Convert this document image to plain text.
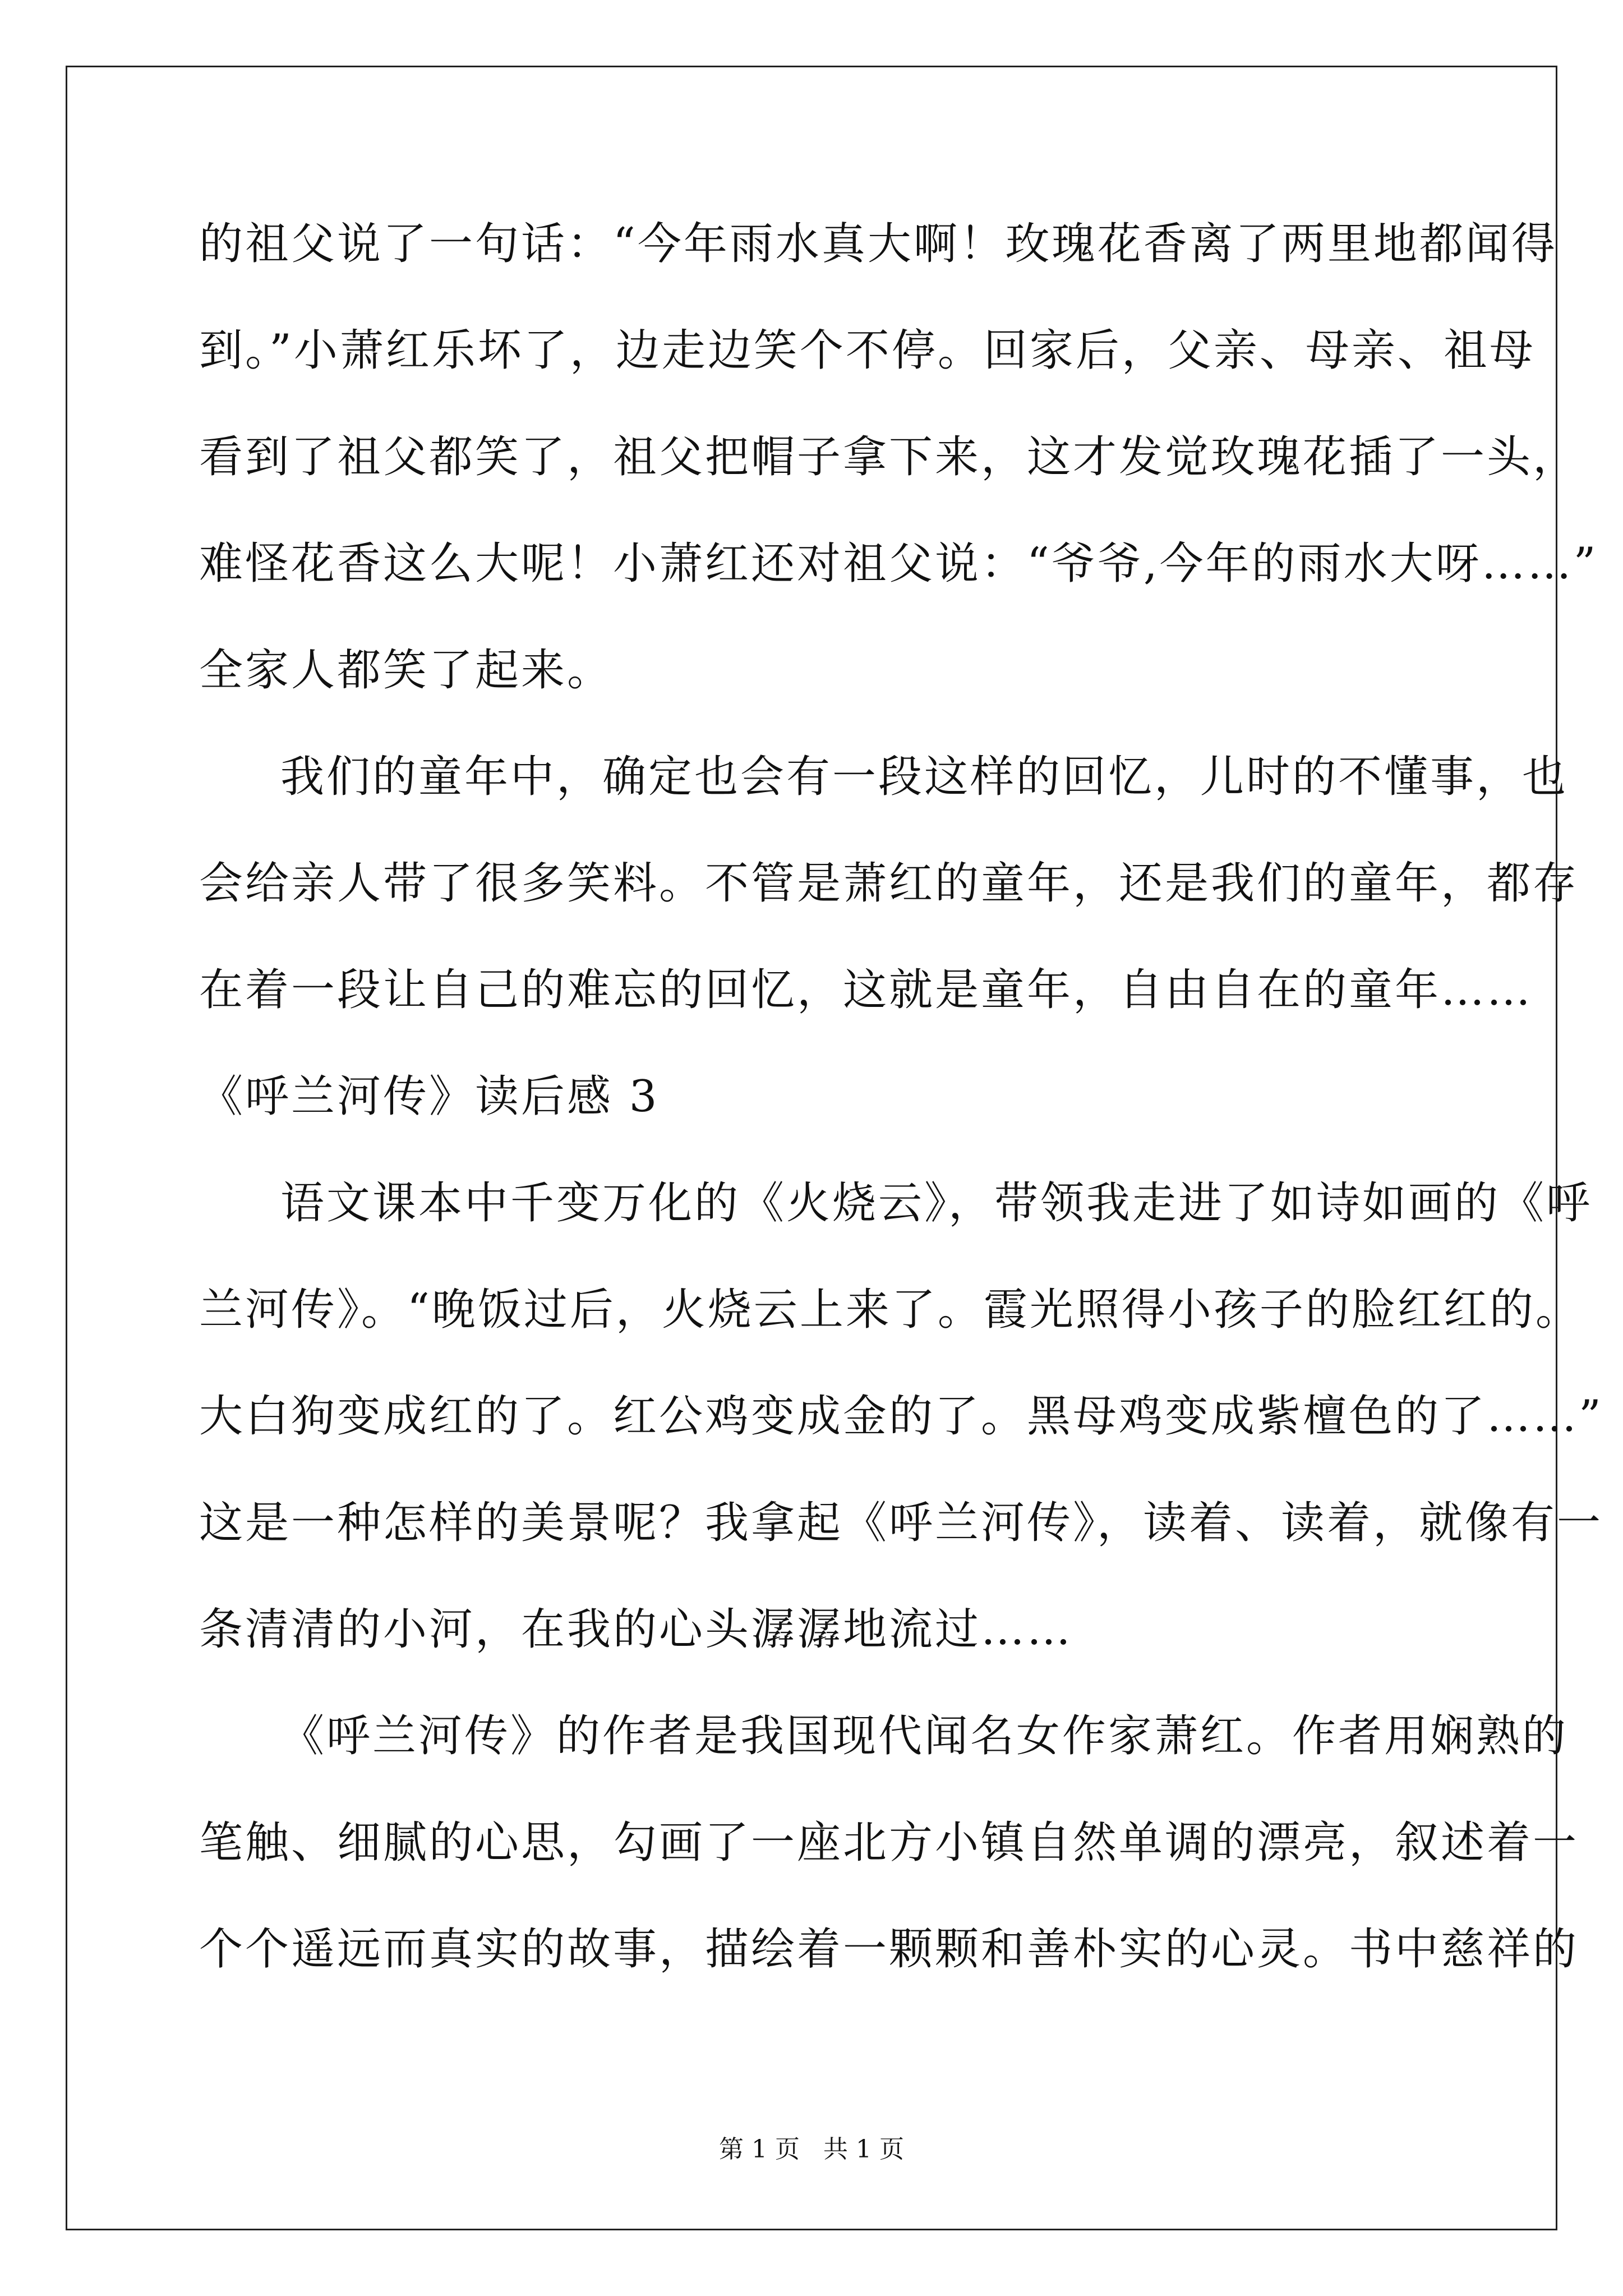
的祖父说了一句话：“今年雨水真大啊！玫瑰花香离了两里地都闻得
到。”小萧红乐坏了，边走边笑个不停。回家后，父亲、母亲、祖母
看到了祖父都笑了，祖父把帽子拿下来，这才发觉玫瑰花插了一头，
难怪花香这么大呢！小萧红还对祖父说：“爷爷,今年的雨水大呀……”
全家人都笑了起来。
我们的童年中，确定也会有一段这样的回忆，儿时的不懂事，也
会给亲人带了很多笑料。不管是萧红的童年，还是我们的童年，都存
在着一段让自己的难忘的回忆，这就是童年，自由自在的童年……
《呼兰河传》读后感 3
语文课本中千变万化的《火烧云》，带领我走进了如诗如画的《呼
兰河传》。“晚饭过后，火烧云上来了。霞光照得小孩子的脸红红的。
大白狗变成红的了。红公鸡变成金的了。黑母鸡变成紫檀色的了……”
这是一种怎样的美景呢？我拿起《呼兰河传》，读着、读着，就像有一
条清清的小河，在我的心头潺潺地流过……
《呼兰河传》的作者是我国现代闻名女作家萧红。作者用娴熟的
笔触、细腻的心思，勾画了一座北方小镇自然单调的漂亮，叙述着一
个个遥远而真实的故事，描绘着一颗颗和善朴实的心灵。书中慈祥的
第 1 页   共 1 页
